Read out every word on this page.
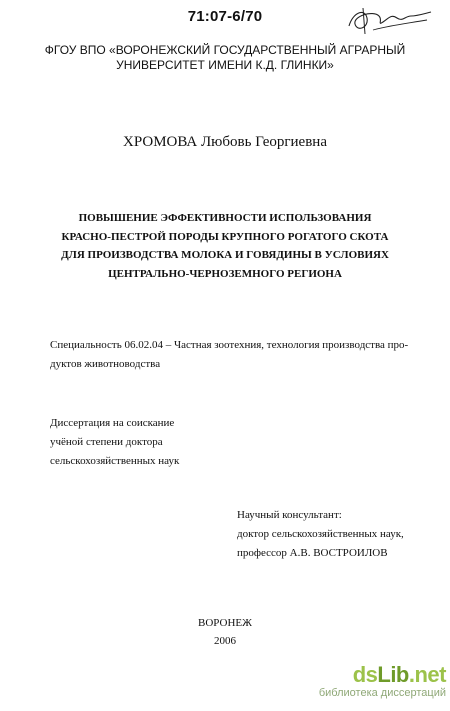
71:07-6/70
ФГОУ ВПО «ВОРОНЕЖСКИЙ ГОСУДАРСТВЕННЫЙ АГРАРНЫЙ
УНИВЕРСИТЕТ ИМЕНИ К.Д. ГЛИНКИ»
ХРОМОВА Любовь Георгиевна
ПОВЫШЕНИЕ ЭФФЕКТИВНОСТИ ИСПОЛЬЗОВАНИЯ
КРАСНО-ПЕСТРОЙ ПОРОДЫ КРУПНОГО РОГАТОГО СКОТА
ДЛЯ ПРОИЗВОДСТВА МОЛОКА И ГОВЯДИНЫ В УСЛОВИЯХ
ЦЕНТРАЛЬНО-ЧЕРНОЗЕМНОГО РЕГИОНА
Специальность 06.02.04 – Частная зоотехния, технология производства про-
дуктов животноводства
Диссертация на соискание
учёной степени доктора
сельскохозяйственных наук
Научный консультант:
доктор сельскохозяйственных наук,
профессор А.В. ВОСТРОИЛОВ
ВОРОНЕЖ
2006
dsLib.net
библиотека диссертаций
